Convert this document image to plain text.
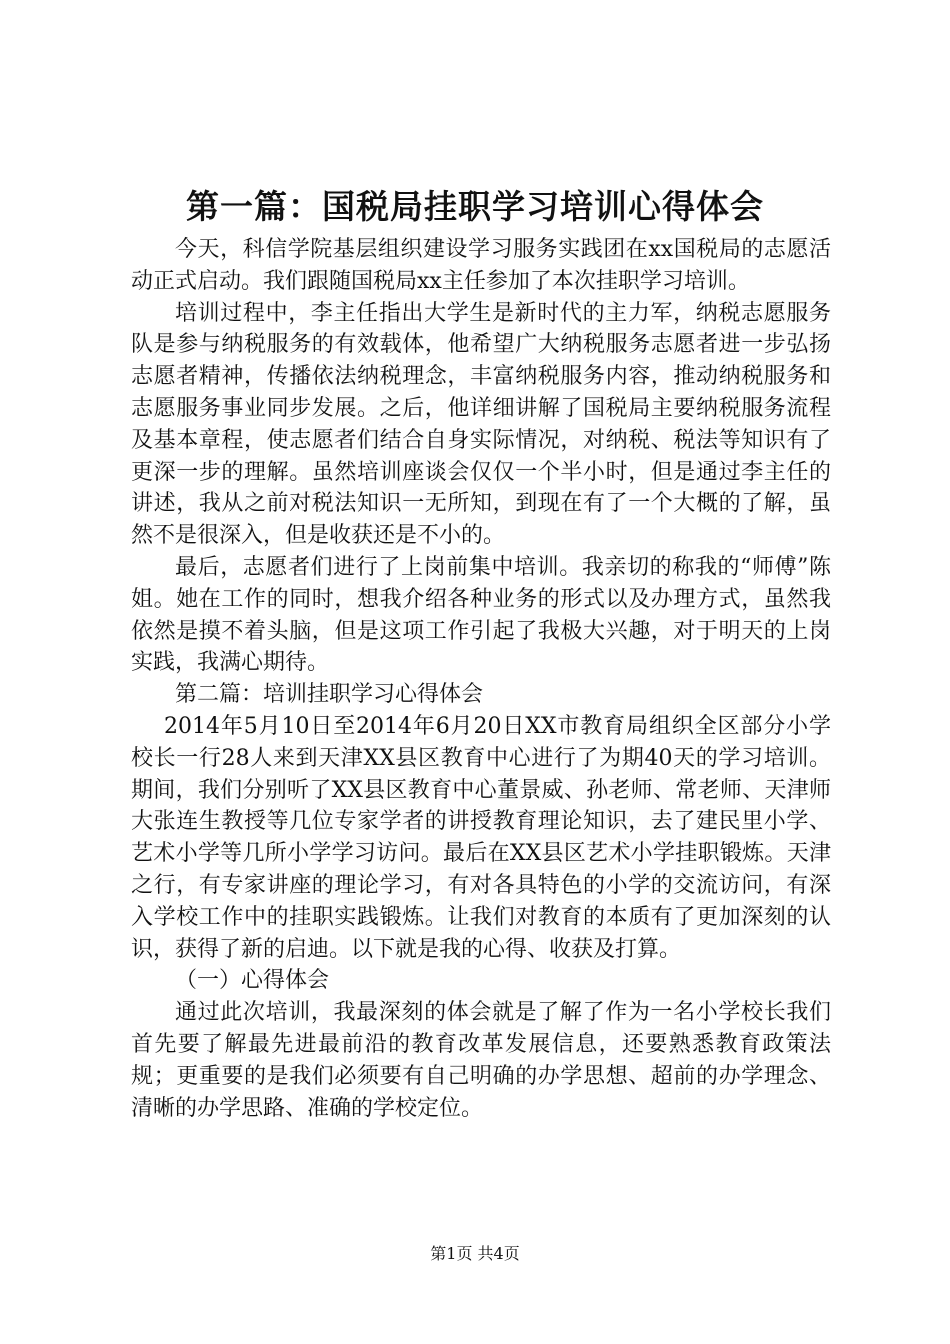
第一篇：国税局挂职学习培训心得体会

今天，科信学院基层组织建设学习服务实践团在xx国税局的志愿活动正式启动。我们跟随国税局xx主任参加了本次挂职学习培训。

培训过程中，李主任指出大学生是新时代的主力军，纳税志愿服务队是参与纳税服务的有效载体，他希望广大纳税服务志愿者进一步弘扬志愿者精神，传播依法纳税理念，丰富纳税服务内容，推动纳税服务和志愿服务事业同步发展。之后，他详细讲解了国税局主要纳税服务流程及基本章程，使志愿者们结合自身实际情况，对纳税、税法等知识有了更深一步的理解。虽然培训座谈会仅仅一个半小时，但是通过李主任的讲述，我从之前对税法知识一无所知，到现在有了一个大概的了解，虽然不是很深入，但是收获还是不小的。

最后，志愿者们进行了上岗前集中培训。我亲切的称我的“师傅”陈姐。她在工作的同时，想我介绍各种业务的形式以及办理方式，虽然我依然是摸不着头脑，但是这项工作引起了我极大兴趣，对于明天的上岗实践，我满心期待。

第二篇：培训挂职学习心得体会

2014年5月10日至2014年6月20日XX市教育局组织全区部分小学校长一行28人来到天津XX县区教育中心进行了为期40天的学习培训。期间，我们分别听了XX县区教育中心董景威、孙老师、常老师、天津师大张连生教授等几位专家学者的讲授教育理论知识，去了建民里小学、艺术小学等几所小学学习访问。最后在XX县区艺术小学挂职锻炼。天津之行，有专家讲座的理论学习，有对各具特色的小学的交流访问，有深入学校工作中的挂职实践锻炼。让我们对教育的本质有了更加深刻的认识，获得了新的启迪。以下就是我的心得、收获及打算。

（一）心得体会

通过此次培训，我最深刻的体会就是了解了作为一名小学校长我们首先要了解最先进最前沿的教育改革发展信息，还要熟悉教育政策法规；更重要的是我们必须要有自己明确的办学思想、超前的办学理念、清晰的办学思路、准确的学校定位。

第1页 共4页
